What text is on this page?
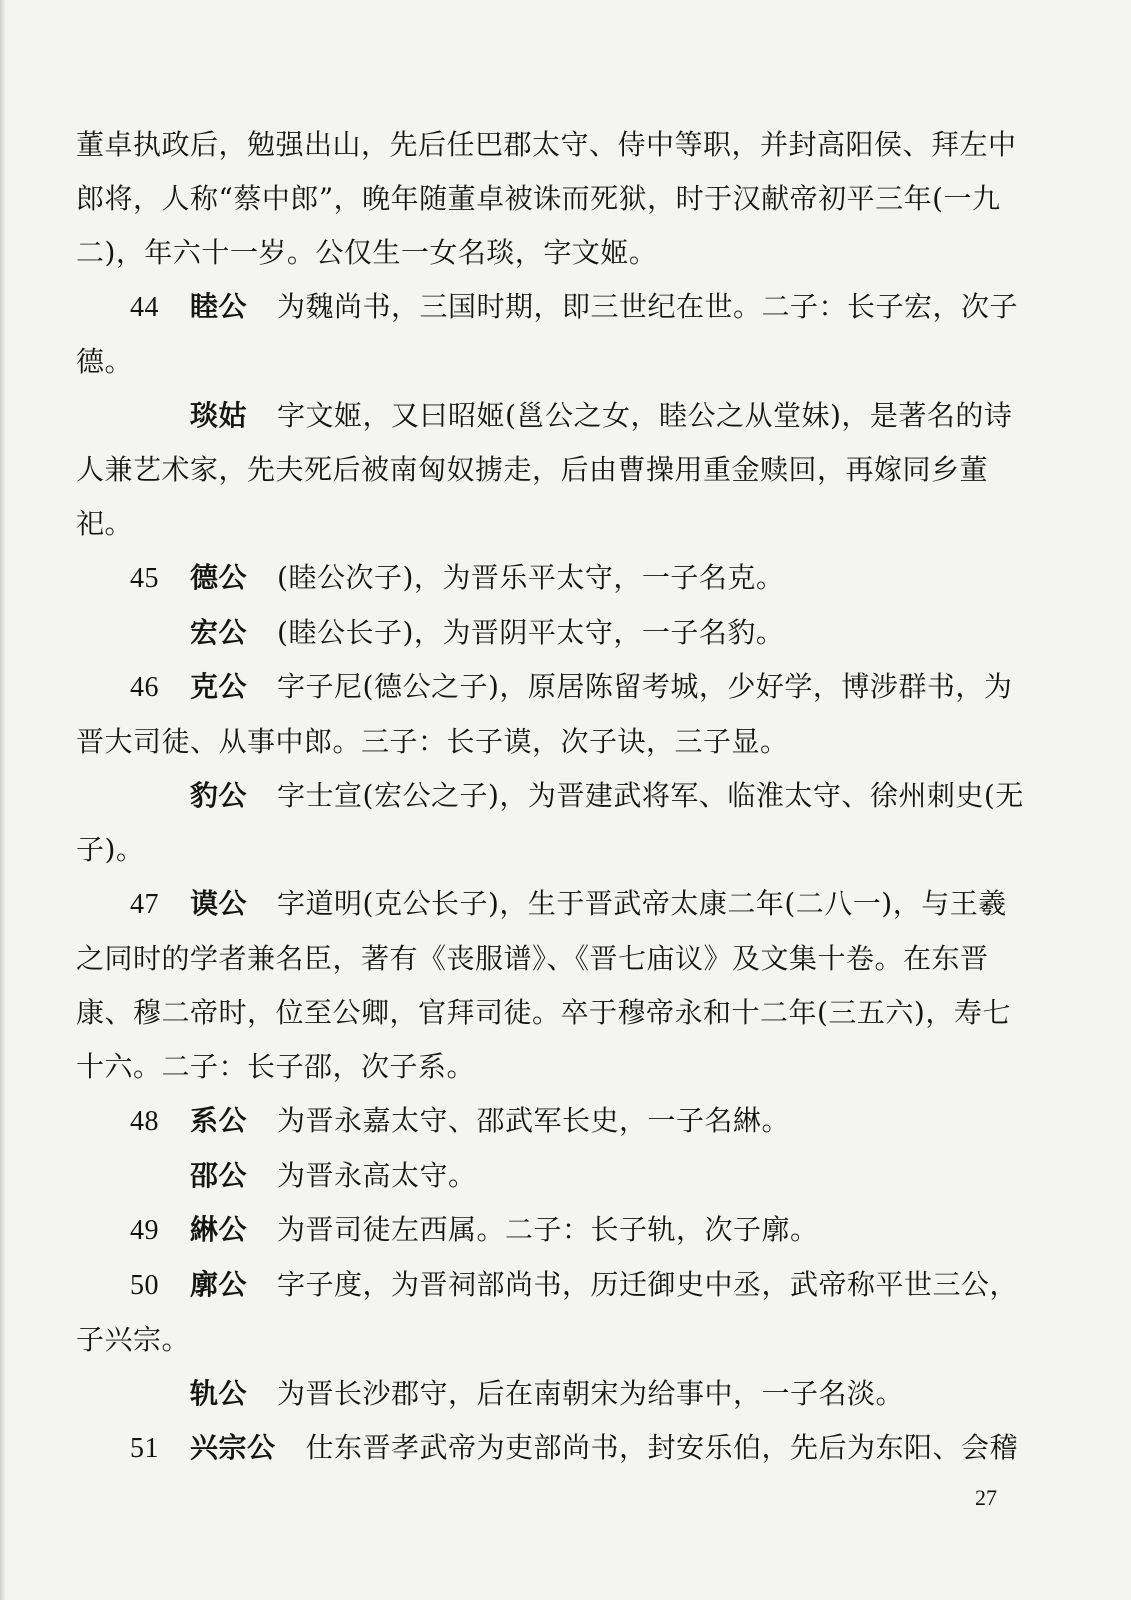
董卓执政后，勉强出山，先后任巴郡太守、侍中等职，并封高阳侯、拜左中郎将，人称“蔡中郎”，晚年随董卓被诛而死狱，时于汉献帝初平三年(一九二)，年六十一岁。公仅生一女名琰，字文姬。

44 睦公 为魏尚书，三国时期，即三世纪在世。二子：长子宏，次子德。

琰姑 字文姬，又曰昭姬(邕公之女，睦公之从堂妹)，是著名的诗人兼艺术家，先夫死后被南匈奴掳走，后由曹操用重金赎回，再嫁同乡董祀。

45 德公 (睦公次子)，为晋乐平太守，一子名克。

宏公 (睦公长子)，为晋阴平太守，一子名豹。

46 克公 字子尼(德公之子)，原居陈留考城，少好学，博涉群书，为晋大司徒、从事中郎。三子：长子谟，次子诀，三子显。

豹公 字士宣(宏公之子)，为晋建武将军、临淮太守、徐州刺史(无子)。

47 谟公 字道明(克公长子)，生于晋武帝太康二年(二八一)，与王羲之同时的学者兼名臣，著有《丧服谱》、《晋七庙议》及文集十卷。在东晋康、穆二帝时，位至公卿，官拜司徒。卒于穆帝永和十二年(三五六)，寿七十六。二子：长子邵，次子系。

48 系公 为晋永嘉太守、邵武军长史，一子名綝。

邵公 为晋永高太守。

49 綝公 为晋司徒左西属。二子：长子轨，次子廓。

50 廓公 字子度，为晋祠部尚书，历迁御史中丞，武帝称平世三公，子兴宗。

轨公 为晋长沙郡守，后在南朝宋为给事中，一子名淡。

51 兴宗公 仕东晋孝武帝为吏部尚书，封安乐伯，先后为东阳、会稽

27
